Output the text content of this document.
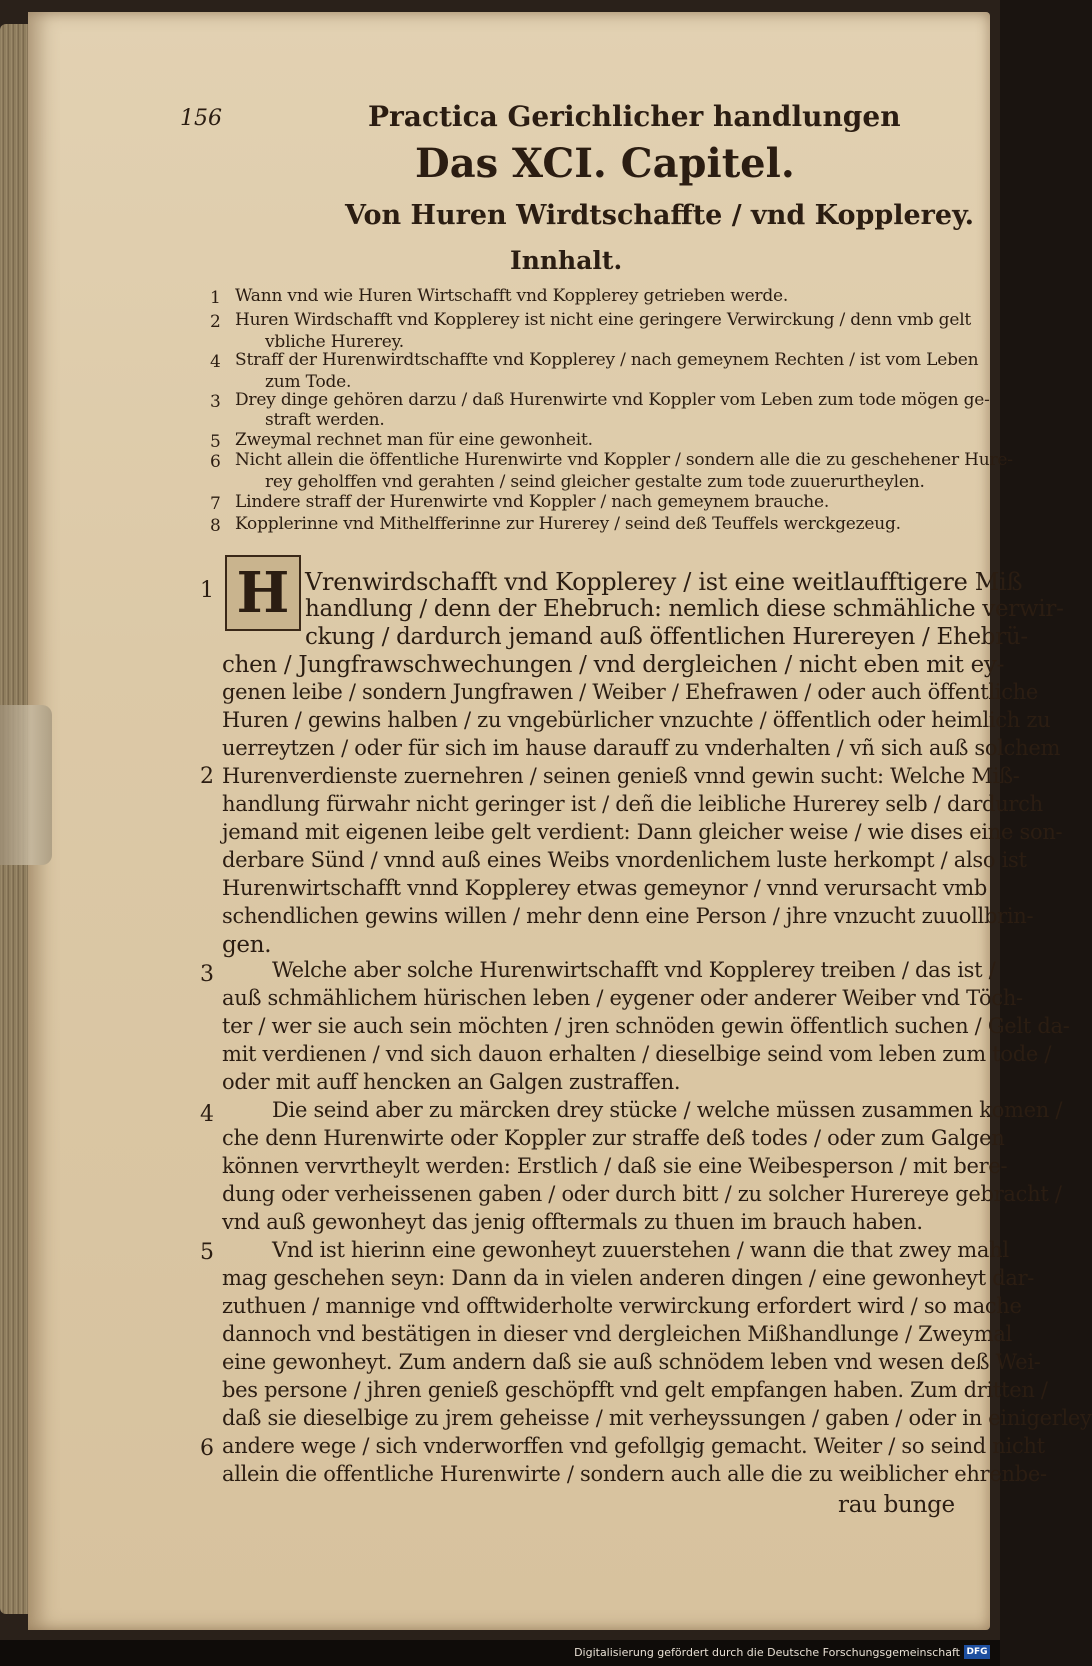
156	Practica Gerichlicher handlungen
Das XCI. Capitel.
Von Huren Wirdtschaffte / vnd Kopplerey.
Innhalt.
1 Wann vnd wie Huren Wirtschafft vnd Kopplerey getrieben werde.
2 Huren Wirdschafft vnd Kopplerey ist nicht eine geringere Verwirckung / denn vmb gelt
vbliche Hurerey.
4 Straff der Hurenwirdtschaffte vnd Kopplerey / nach gemeynem Rechten / ist vom Leben
zum Tode.
3 Drey dinge gehören darzu / daß Hurenwirte vnd Koppler vom Leben zum tode mögen ge-
straft werden.
5 Zweymal rechnet man für eine gewonheit.
6 Nicht allein die öffentliche Hurenwirte vnd Koppler / sondern alle die zu geschehener Hure-
rey geholffen vnd gerahten / seind gleicher gestalte zum tode zuuerurtheylen.
7 Lindere straff der Hurenwirte vnd Koppler / nach gemeynem brauche.
8 Kopplerinne vnd Mithelfferinne zur Hurerey / seind deß Teuffels werckgezeug.
H Vrenwirdschafft vnd Kopplerey / ist eine weitlaufftigere Miß
handlung / denn der Ehebruch: nemlich diese schmähliche verwir-
ckung / dardurch jemand auß öffentlichen Hurereyen / Ehebrü-
chen / Jungfrawschwechungen / vnd dergleichen / nicht eben mit ey-
genen leibe / sondern Jungfrawen / Weiber / Ehefrawen / oder auch öffentliche
Huren / gewins halben / zu vngebürlicher vnzuchte / öffentlich oder heimlich zu
uerreytzen / oder für sich im hause darauff zu vnderhalten / vñ sich auß solchem
Hurenverdienste zuernehren / seinen genieß vnnd gewin sucht: Welche Miß-
handlung fürwahr nicht geringer ist / deñ die leibliche Hurerey selb / dardurch
jemand mit eigenen leibe gelt verdient: Dann gleicher weise / wie dises eine son-
derbare Sünd / vnnd auß eines Weibs vnordenlichem luste herkompt / also ist
Hurenwirtschafft vnnd Kopplerey etwas gemeynor / vnnd verursacht vmb
schendlichen gewins willen / mehr denn eine Person / jhre vnzucht zuuollbrin-
gen.
Welche aber solche Hurenwirtschafft vnd Kopplerey treiben / das ist /
auß schmählichem hürischen leben / eygener oder anderer Weiber vnd Töch-
ter / wer sie auch sein möchten / jren schnöden gewin öffentlich suchen / Gelt da-
mit verdienen / vnd sich dauon erhalten / dieselbige seind vom leben zum tode /
oder mit auff hencken an Galgen zustraffen.
Die seind aber zu märcken drey stücke / welche müssen zusammen komen /
che denn Hurenwirte oder Koppler zur straffe deß todes / oder zum Galgen
können vervrtheylt werden: Erstlich / daß sie eine Weibesperson / mit bere-
dung oder verheissenen gaben / oder durch bitt / zu solcher Hurereye gebracht /
vnd auß gewonheyt das jenig offtermals zu thuen im brauch haben.
Vnd ist hierinn eine gewonheyt zuuerstehen / wann die that zwey mahl
mag geschehen seyn: Dann da in vielen anderen dingen / eine gewonheyt dar-
zuthuen / mannige vnd offtwiderholte verwirckung erfordert wird / so mache
dannoch vnd bestätigen in dieser vnd dergleichen Mißhandlunge / Zweymal
eine gewonheyt. Zum andern daß sie auß schnödem leben vnd wesen deß Wei-
bes persone / jhren genieß geschöpfft vnd gelt empfangen haben. Zum dritten /
daß sie dieselbige zu jrem geheisse / mit verheyssungen / gaben / oder in einigerley
andere wege / sich vnderworffen vnd gefollgig gemacht. Weiter / so seind nicht
allein die offentliche Hurenwirte / sondern auch alle die zu weiblicher ehrenbe-
rau bunge
1
2
3
4
5
6
Digitalisierung gefördert durch die Deutsche Forschungsgemeinschaft DFG
